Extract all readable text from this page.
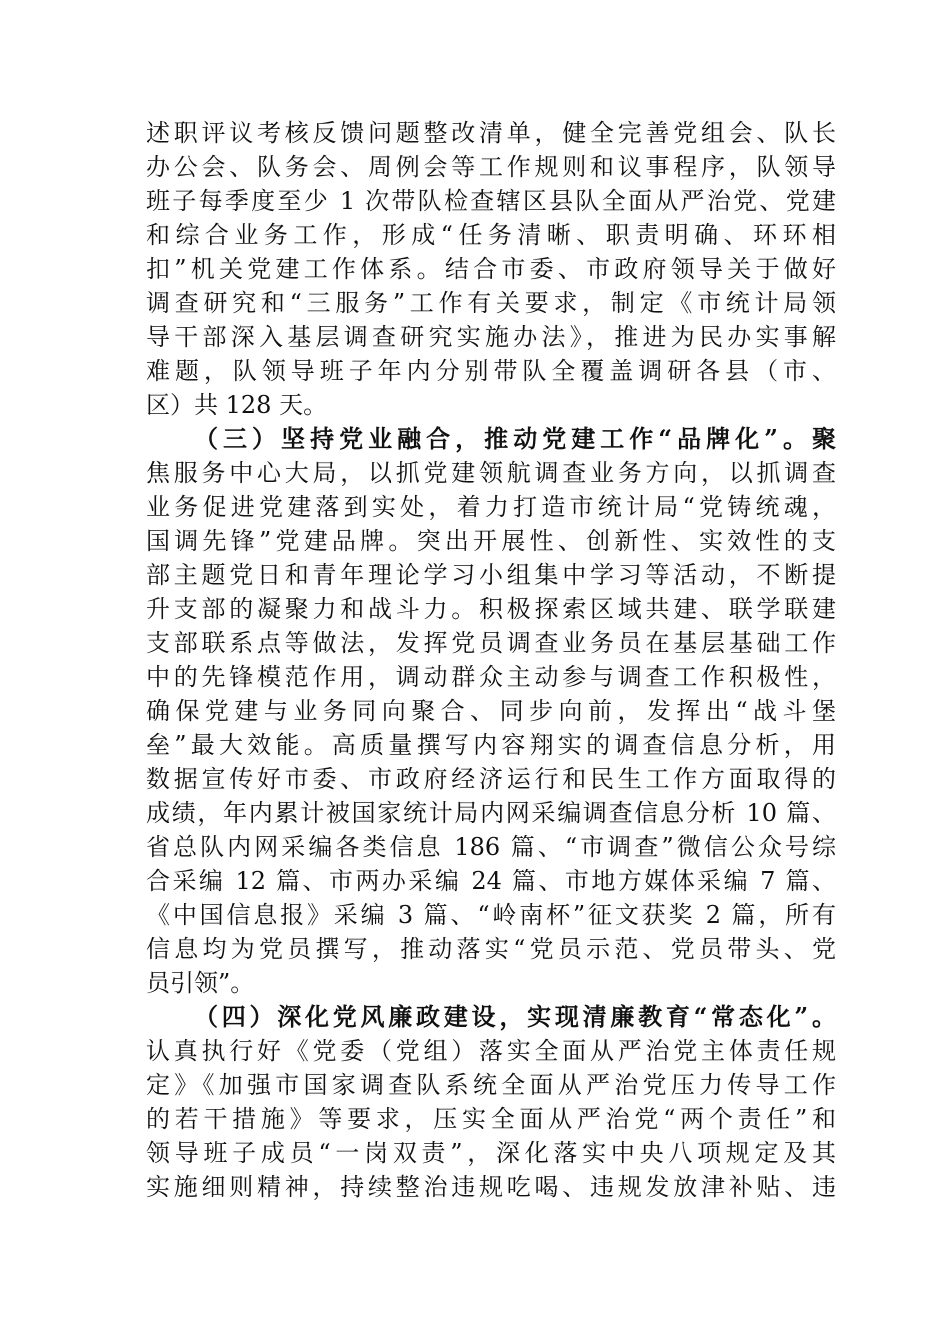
述职评议考核反馈问题整改清单，健全完善党组会、队长
办公会、队务会、周例会等工作规则和议事程序，队领导
班子每季度至少 1 次带队检查辖区县队全面从严治党、党建
和综合业务工作，形成“任务清晰、职责明确、环环相
扣”机关党建工作体系。结合市委、市政府领导关于做好
调查研究和“三服务”工作有关要求，制定《市统计局领
导干部深入基层调查研究实施办法》，推进为民办实事解
难题，队领导班子年内分别带队全覆盖调研各县（市、
区）共 128 天。
（三）坚持党业融合，推动党建工作“品牌化”。聚
焦服务中心大局，以抓党建领航调查业务方向，以抓调查
业务促进党建落到实处，着力打造市统计局“党铸统魂，
国调先锋”党建品牌。突出开展性、创新性、实效性的支
部主题党日和青年理论学习小组集中学习等活动，不断提
升支部的凝聚力和战斗力。积极探索区域共建、联学联建
支部联系点等做法，发挥党员调查业务员在基层基础工作
中的先锋模范作用，调动群众主动参与调查工作积极性，
确保党建与业务同向聚合、同步向前，发挥出“战斗堡
垒”最大效能。高质量撰写内容翔实的调查信息分析，用
数据宣传好市委、市政府经济运行和民生工作方面取得的
成绩，年内累计被国家统计局内网采编调查信息分析 10 篇、
省总队内网采编各类信息 186 篇、“市调查”微信公众号综
合采编 12 篇、市两办采编 24 篇、市地方媒体采编 7 篇、
《中国信息报》采编 3 篇、“岭南杯”征文获奖 2 篇，所有
信息均为党员撰写，推动落实“党员示范、党员带头、党
员引领”。
（四）深化党风廉政建设，实现清廉教育“常态化”。
认真执行好《党委（党组）落实全面从严治党主体责任规
定》《加强市国家调查队系统全面从严治党压力传导工作
的若干措施》等要求，压实全面从严治党“两个责任”和
领导班子成员“一岗双责”，深化落实中央八项规定及其
实施细则精神，持续整治违规吃喝、违规发放津补贴、违
